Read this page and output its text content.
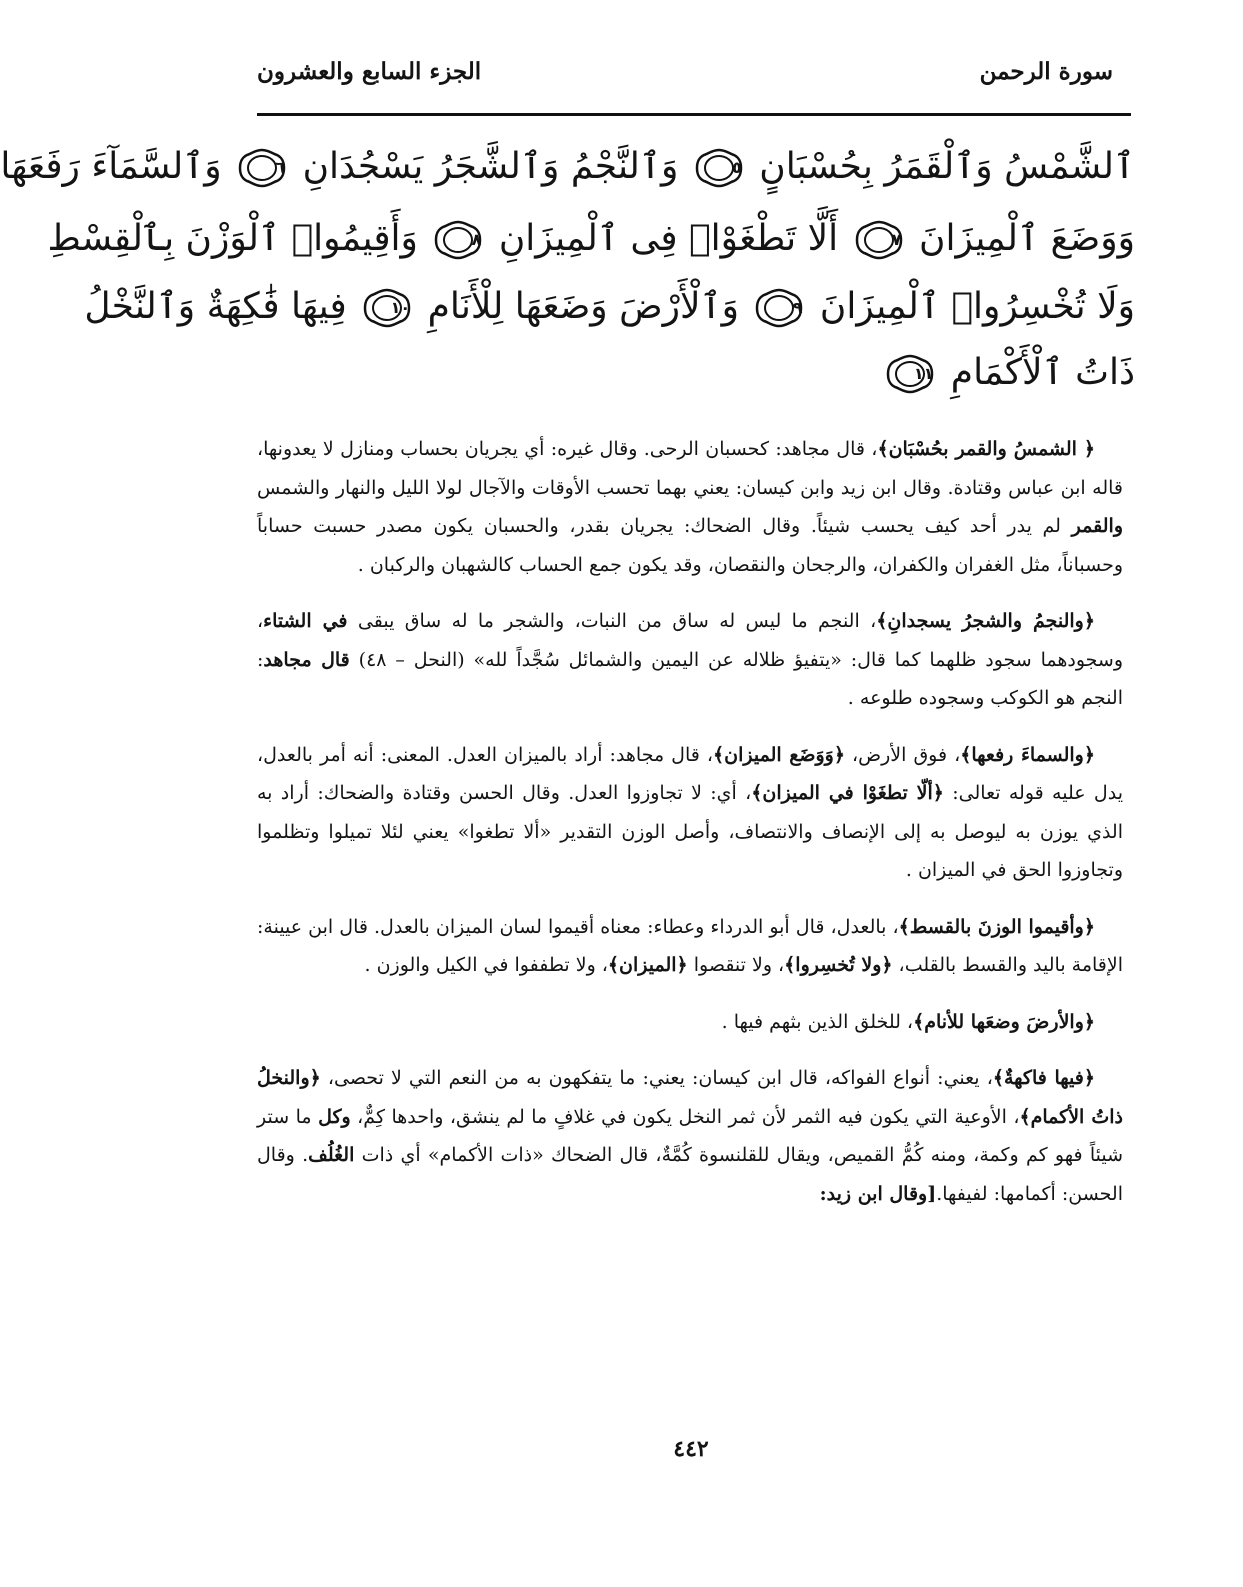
سورة الرحمن
الجزء السابع والعشرون
ٱلشَّمْسُ وَٱلْقَمَرُ بِحُسْبَانٍ
٥
وَٱلنَّجْمُ وَٱلشَّجَرُ يَسْجُدَانِ
٦
وَٱلسَّمَآءَ رَفَعَهَا
وَوَضَعَ ٱلْمِيزَانَ
٧
أَلَّا تَطْغَوْا۟ فِى ٱلْمِيزَانِ
٨
وَأَقِيمُوا۟ ٱلْوَزْنَ بِٱلْقِسْطِ
وَلَا تُخْسِرُوا۟ ٱلْمِيزَانَ
٩
وَٱلْأَرْضَ وَضَعَهَا لِلْأَنَامِ
١٠
فِيهَا فَٰكِهَةٌ وَٱلنَّخْلُ
ذَاتُ ٱلْأَكْمَامِ
١١

﴿ الشمسُ والقمر بحُسْبَان﴾، قال مجاهد: كحسبان الرحى. وقال غيره: أي يجريان بحساب ومنازل لا يعدونها، قاله ابن عباس وقتادة. وقال ابن زيد وابن كيسان: يعني بهما تحسب الأوقات والآجال لولا الليل والنهار والشمس والقمر لم يدر أحد كيف يحسب شيئاً. وقال الضحاك: يجريان بقدر، والحسبان يكون مصدر حسبت حساباً وحسباناً، مثل الغفران والكفران، والرجحان والنقصان، وقد يكون جمع الحساب كالشهبان والركبان .

﴿والنجمُ والشجرُ يسجدانِ﴾، النجم ما ليس له ساق من النبات، والشجر ما له ساق يبقى في الشتاء، وسجودهما سجود ظلهما كما قال: «يتفيؤ ظلاله عن اليمين والشمائل سُجَّداً لله» (النحل – ٤٨) قال مجاهد: النجم هو الكوكب وسجوده طلوعه .

﴿والسماءَ رفعها﴾، فوق الأرض، ﴿وَوَضَع الميزان﴾، قال مجاهد: أراد بالميزان العدل. المعنى: أنه أمر بالعدل، يدل عليه قوله تعالى: ﴿ألّا تطغَوْا في الميزان﴾، أي: لا تجاوزوا العدل. وقال الحسن وقتادة والضحاك: أراد به الذي يوزن به ليوصل به إلى الإنصاف والانتصاف، وأصل الوزن التقدير «ألا تطغوا» يعني لئلا تميلوا وتظلموا وتجاوزوا الحق في الميزان .

﴿وأقيموا الوزنَ بالقسط﴾، بالعدل، قال أبو الدرداء وعطاء: معناه أقيموا لسان الميزان بالعدل. قال ابن عيينة: الإقامة باليد والقسط بالقلب، ﴿ولا تُخسِروا﴾، ولا تنقصوا ﴿الميزان﴾، ولا تطففوا في الكيل والوزن .

﴿والأرضَ وضعَها للأنام﴾، للخلق الذين بثهم فيها .

﴿فيها فاكهةٌ﴾، يعني: أنواع الفواكه، قال ابن كيسان: يعني: ما يتفكهون به من النعم التي لا تحصى، ﴿والنخلُ ذاتُ الأكمام﴾، الأوعية التي يكون فيه الثمر لأن ثمر النخل يكون في غلافٍ ما لم ينشق، واحدها كِمٌّ، وكل ما ستر شيئاً فهو كم وكمة، ومنه كُمُّ القميص، ويقال للقلنسوة كُمَّةٌ، قال الضحاك «ذات الأكمام» أي ذات الغُلُف. وقال الحسن: أكمامها: لفيفها.[وقال ابن زيد:

٤٤٢
